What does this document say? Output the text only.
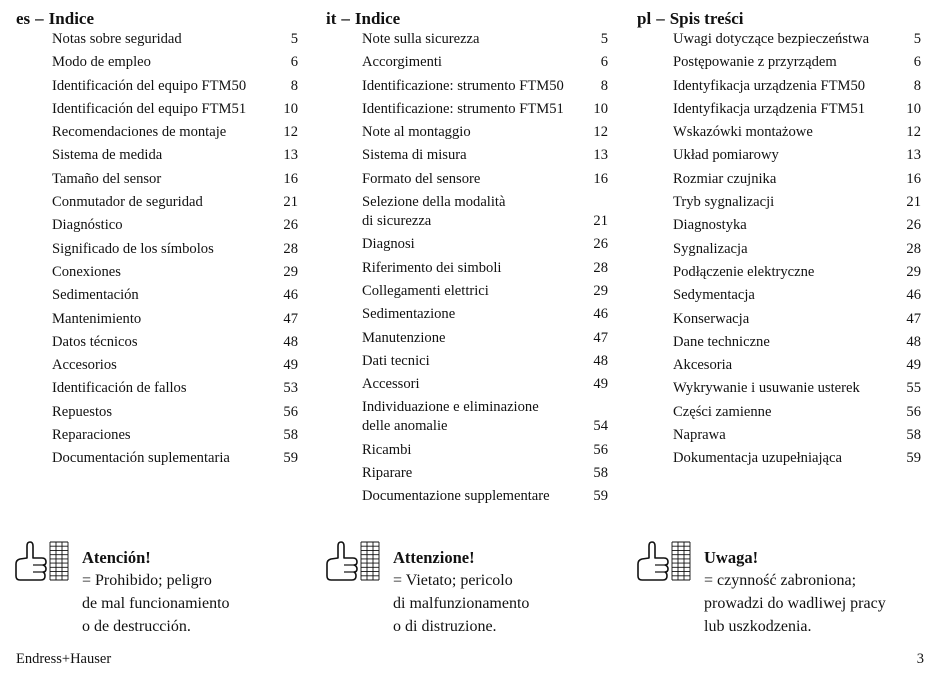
es – Indice
Notas sobre seguridad	5
Modo de empleo	6
Identificación del equipo FTM50	8
Identificación del equipo FTM51	10
Recomendaciones de montaje	12
Sistema de medida	13
Tamaño del sensor	16
Conmutador de seguridad	21
Diagnóstico	26
Significado de los símbolos	28
Conexiones	29
Sedimentación	46
Mantenimiento	47
Datos técnicos	48
Accesorios	49
Identificación de fallos	53
Repuestos	56
Reparaciones	58
Documentación suplementaria	59
it – Indice
Note sulla sicurezza	5
Accorgimenti	6
Identificazione: strumento FTM50	8
Identificazione: strumento FTM51	10
Note al montaggio	12
Sistema di misura	13
Formato del sensore	16
Selezione della modalità
di sicurezza	21
Diagnosi	26
Riferimento dei simboli	28
Collegamenti elettrici	29
Sedimentazione	46
Manutenzione	47
Dati tecnici	48
Accessori	49
Individuazione e eliminazione
delle anomalie	54
Ricambi	56
Riparare	58
Documentazione supplementare	59
pl – Spis treści
Uwagi dotyczące bezpieczeństwa	5
Postępowanie z przyrządem	6
Identyfikacja urządzenia FTM50	8
Identyfikacja urządzenia FTM51	10
Wskazówki montażowe	12
Układ pomiarowy	13
Rozmiar czujnika	16
Tryb sygnalizacji	21
Diagnostyka	26
Sygnalizacja	28
Podłączenie elektryczne	29
Sedymentacja	46
Konserwacja	47
Dane techniczne	48
Akcesoria	49
Wykrywanie i usuwanie usterek	55
Części zamienne	56
Naprawa	58
Dokumentacja uzupełniająca	59
Atención!
= Prohibido; peligro
de mal funcionamiento
o de destrucción.
Attenzione!
= Vietato; pericolo
di malfunzionamento
o di distruzione.
Uwaga!
= czynność zabroniona;
prowadzi do wadliwej pracy
lub uszkodzenia.
Endress+Hauser	3
